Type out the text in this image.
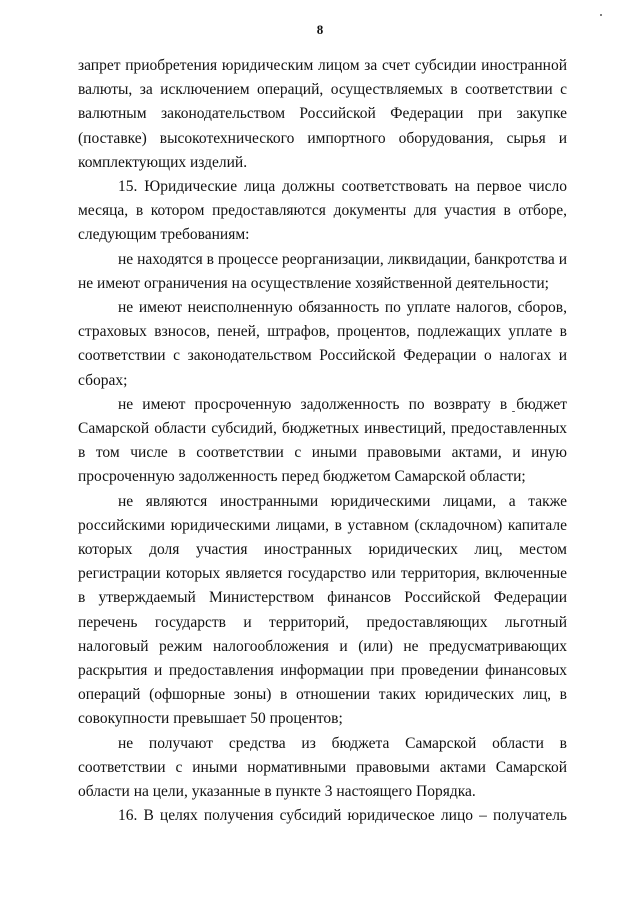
8

запрет приобретения юридическим лицом за счет субсидии иностранной валюты, за исключением операций, осуществляемых в соответствии с валютным законодательством Российской Федерации при закупке (поставке) высокотехнического импортного оборудования, сырья и комплектующих изделий.

15. Юридические лица должны соответствовать на первое число месяца, в котором предоставляются документы для участия в отборе, следующим требованиям:

не находятся в процессе реорганизации, ликвидации, банкротства и не имеют ограничения на осуществление хозяйственной деятельности;

не имеют неисполненную обязанность по уплате налогов, сборов, страховых взносов, пеней, штрафов, процентов, подлежащих уплате в соответствии с законодательством Российской Федерации о налогах и сборах;

не имеют просроченную задолженность по возврату в бюджет Самарской области субсидий, бюджетных инвестиций, предоставленных в том числе в соответствии с иными правовыми актами, и иную просроченную задолженность перед бюджетом Самарской области;

не являются иностранными юридическими лицами, а также российскими юридическими лицами, в уставном (складочном) капитале которых доля участия иностранных юридических лиц, местом регистрации которых является государство или территория, включенные в утверждаемый Министерством финансов Российской Федерации перечень государств и территорий, предоставляющих льготный налоговый режим налогообложения и (или) не предусматривающих раскрытия и предоставления информации при проведении финансовых операций (офшорные зоны) в отношении таких юридических лиц, в совокупности превышает 50 процентов;

не получают средства из бюджета Самарской области в соответствии с иными нормативными правовыми актами Самарской области на цели, указанные в пункте 3 настоящего Порядка.

16. В целях получения субсидий юридическое лицо – получатель
